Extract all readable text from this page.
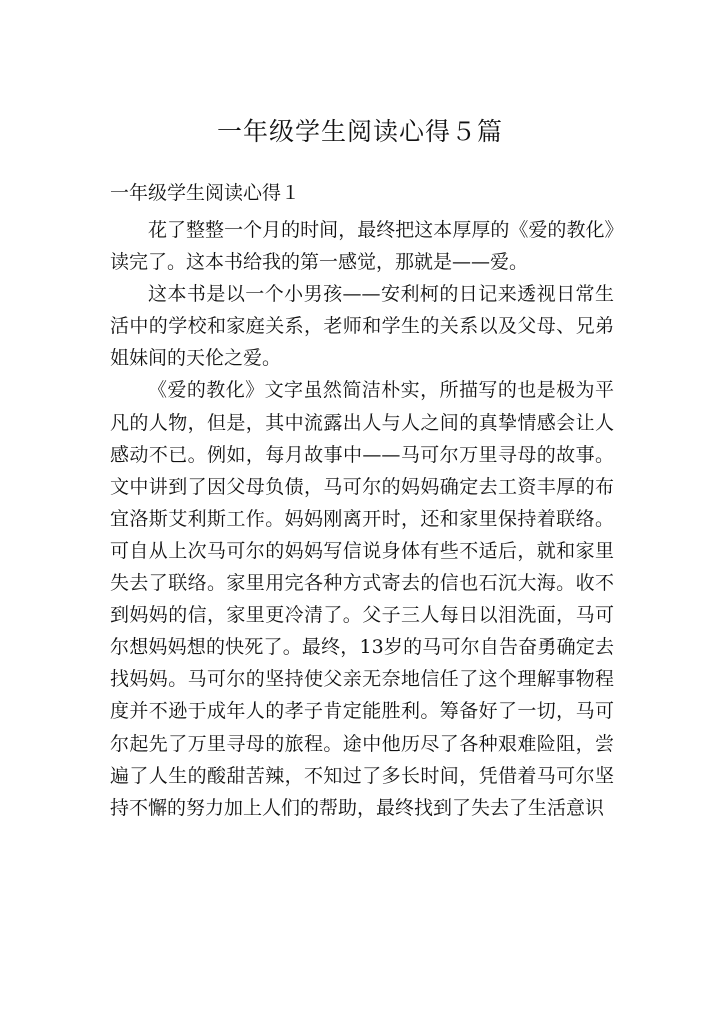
一年级学生阅读心得５篇
一年级学生阅读心得１

花了整整一个月的时间，最终把这本厚厚的《爱的教化》读完了。这本书给我的第一感觉，那就是——爱。

这本书是以一个小男孩——安利柯的日记来透视日常生活中的学校和家庭关系，老师和学生的关系以及父母、兄弟姐妹间的天伦之爱。

《爱的教化》文字虽然简洁朴实，所描写的也是极为平凡的人物，但是，其中流露出人与人之间的真挚情感会让人感动不已。例如，每月故事中——马可尔万里寻母的故事。文中讲到了因父母负债，马可尔的妈妈确定去工资丰厚的布宜洛斯艾利斯工作。妈妈刚离开时，还和家里保持着联络。可自从上次马可尔的妈妈写信说身体有些不适后，就和家里失去了联络。家里用完各种方式寄去的信也石沉大海。收不到妈妈的信，家里更冷清了。父子三人每日以泪洗面，马可尔想妈妈想的快死了。最终，13岁的马可尔自告奋勇确定去找妈妈。马可尔的坚持使父亲无奈地信任了这个理解事物程度并不逊于成年人的孝子肯定能胜利。筹备好了一切，马可尔起先了万里寻母的旅程。途中他历尽了各种艰难险阻，尝遍了人生的酸甜苦辣，不知过了多长时间，凭借着马可尔坚持不懈的努力加上人们的帮助，最终找到了失去了生活意识
